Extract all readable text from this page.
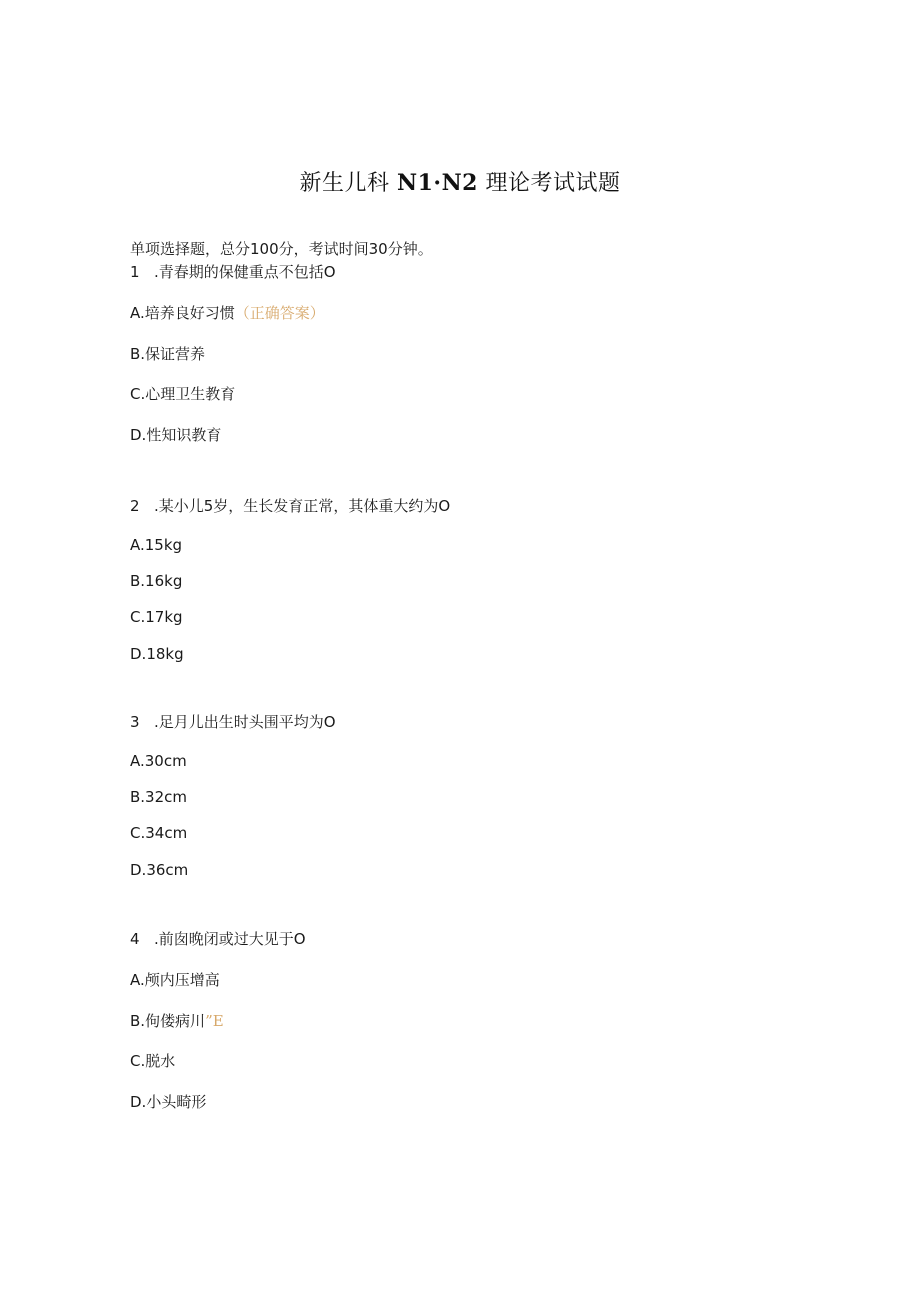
新生儿科 N1·N2 理论考试试题

单项选择题，总分100分，考试时间30分钟。

1 .青春期的保健重点不包括O

A.培养良好习惯（正确答案）

B.保证营养

C.心理卫生教育

D.性知识教育

2 .某小儿5岁，生长发育正常，其体重大约为O

A.15kg

B.16kg

C.17kg

D.18kg

3 .足月儿出生时头围平均为O

A.30cm

B.32cm

C.34cm

D.36cm

4 .前囱晚闭或过大见于O

A.颅内压增高

B.佝偻病川”E

C.脱水

D.小头畸形
